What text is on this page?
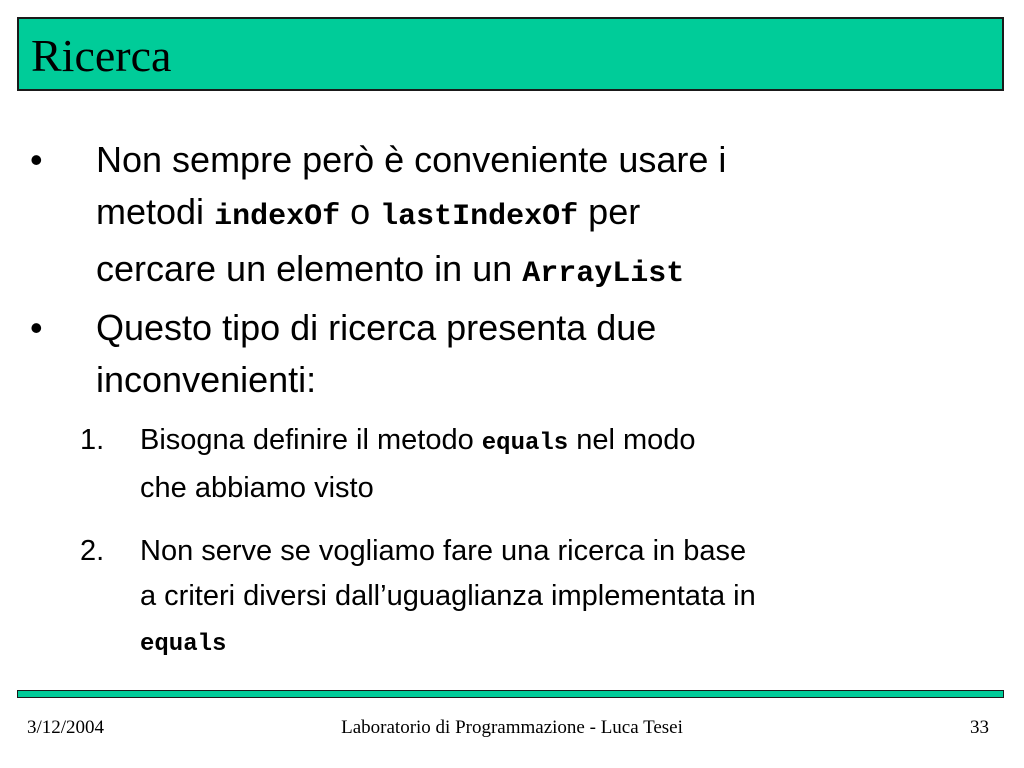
Ricerca
• Non sempre però è conveniente usare i
metodi indexOf o lastIndexOf per
cercare un elemento in un ArrayList
• Questo tipo di ricerca presenta due
inconvenienti:
1.	Bisogna definire il metodo equals nel modo
che abbiamo visto
2.	Non serve se vogliamo fare una ricerca in base
a criteri diversi dall’uguaglianza implementata in
equals
3/12/2004	Laboratorio di Programmazione - Luca Tesei	33
